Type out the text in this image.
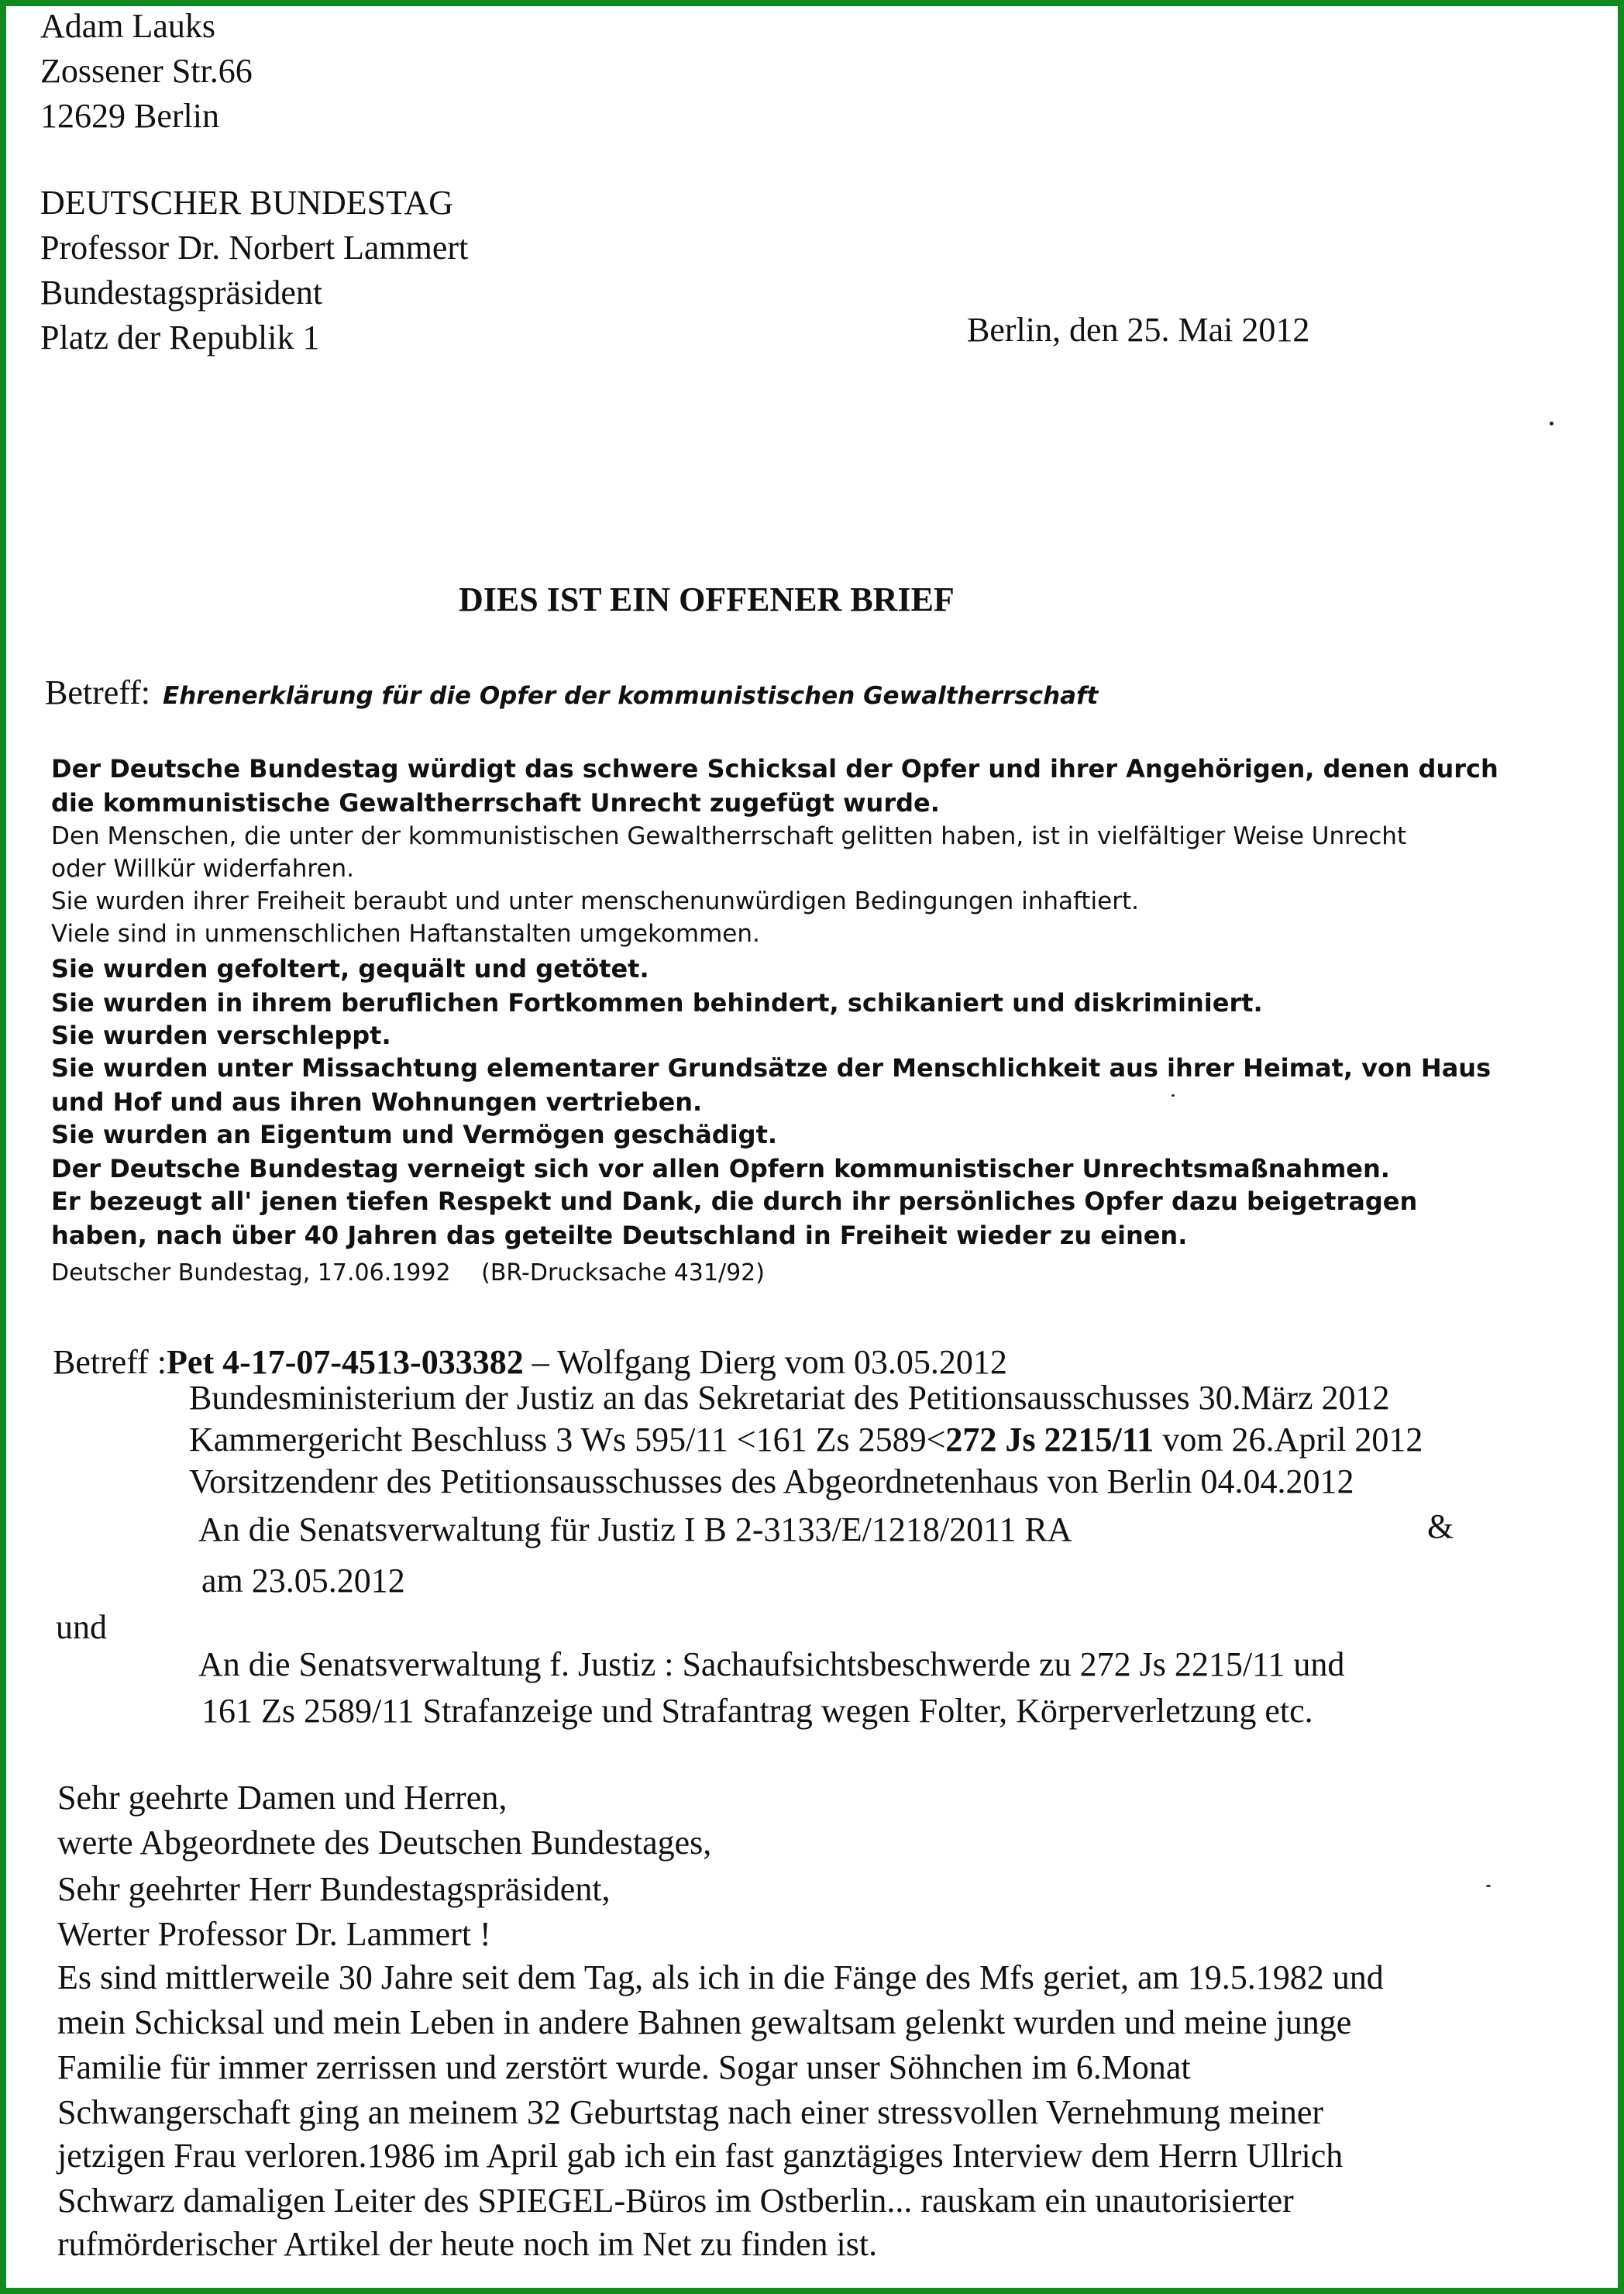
Adam Lauks
Zossener Str.66
12629 Berlin
DEUTSCHER BUNDESTAG
Professor Dr. Norbert Lammert
Bundestagspräsident
Platz der Republik 1	Berlin, den 25. Mai 2012
DIES IST EIN OFFENER BRIEF
Betreff: Ehrenerklärung für die Opfer der kommunistischen Gewaltherrschaft
Der Deutsche Bundestag würdigt das schwere Schicksal der Opfer und ihrer Angehörigen, denen durch
die kommunistische Gewaltherrschaft Unrecht zugefügt wurde.
Den Menschen, die unter der kommunistischen Gewaltherrschaft gelitten haben, ist in vielfältiger Weise Unrecht
oder Willkür widerfahren.
Sie wurden ihrer Freiheit beraubt und unter menschenunwürdigen Bedingungen inhaftiert.
Viele sind in unmenschlichen Haftanstalten umgekommen.
Sie wurden gefoltert, gequält und getötet.
Sie wurden in ihrem beruflichen Fortkommen behindert, schikaniert und diskriminiert.
Sie wurden verschleppt.
Sie wurden unter Missachtung elementarer Grundsätze der Menschlichkeit aus ihrer Heimat, von Haus
und Hof und aus ihren Wohnungen vertrieben.
Sie wurden an Eigentum und Vermögen geschädigt.
Der Deutsche Bundestag verneigt sich vor allen Opfern kommunistischer Unrechtsmaßnahmen.
Er bezeugt all' jenen tiefen Respekt und Dank, die durch ihr persönliches Opfer dazu beigetragen
haben, nach über 40 Jahren das geteilte Deutschland in Freiheit wieder zu einen.
Deutscher Bundestag, 17.06.1992 (BR-Drucksache 431/92)
Betreff :Pet 4-17-07-4513-033382 – Wolfgang Dierg vom 03.05.2012
Bundesministerium der Justiz an das Sekretariat des Petitionsausschusses 30.März 2012
Kammergericht Beschluss 3 Ws 595/11 <161 Zs 2589<272 Js 2215/11 vom 26.April 2012
Vorsitzendenr des Petitionsausschusses des Abgeordnetenhaus von Berlin 04.04.2012
An die Senatsverwaltung für Justiz I B 2-3133/E/1218/2011 RA	&
am 23.05.2012
und
An die Senatsverwaltung f. Justiz : Sachaufsichtsbeschwerde zu 272 Js 2215/11 und
161 Zs 2589/11 Strafanzeige und Strafantrag wegen Folter, Körperverletzung etc.
Sehr geehrte Damen und Herren,
werte Abgeordnete des Deutschen Bundestages,
Sehr geehrter Herr Bundestagspräsident,
Werter Professor Dr. Lammert !
Es sind mittlerweile 30 Jahre seit dem Tag, als ich in die Fänge des Mfs geriet, am 19.5.1982 und
mein Schicksal und mein Leben in andere Bahnen gewaltsam gelenkt wurden und meine junge
Familie für immer zerrissen und zerstört wurde. Sogar unser Söhnchen im 6.Monat
Schwangerschaft ging an meinem 32 Geburtstag nach einer stressvollen Vernehmung meiner
jetzigen Frau verloren.1986 im April gab ich ein fast ganztägiges Interview dem Herrn Ullrich
Schwarz damaligen Leiter des SPIEGEL-Büros im Ostberlin... rauskam ein unautorisierter
rufmörderischer Artikel der heute noch im Net zu finden ist.
